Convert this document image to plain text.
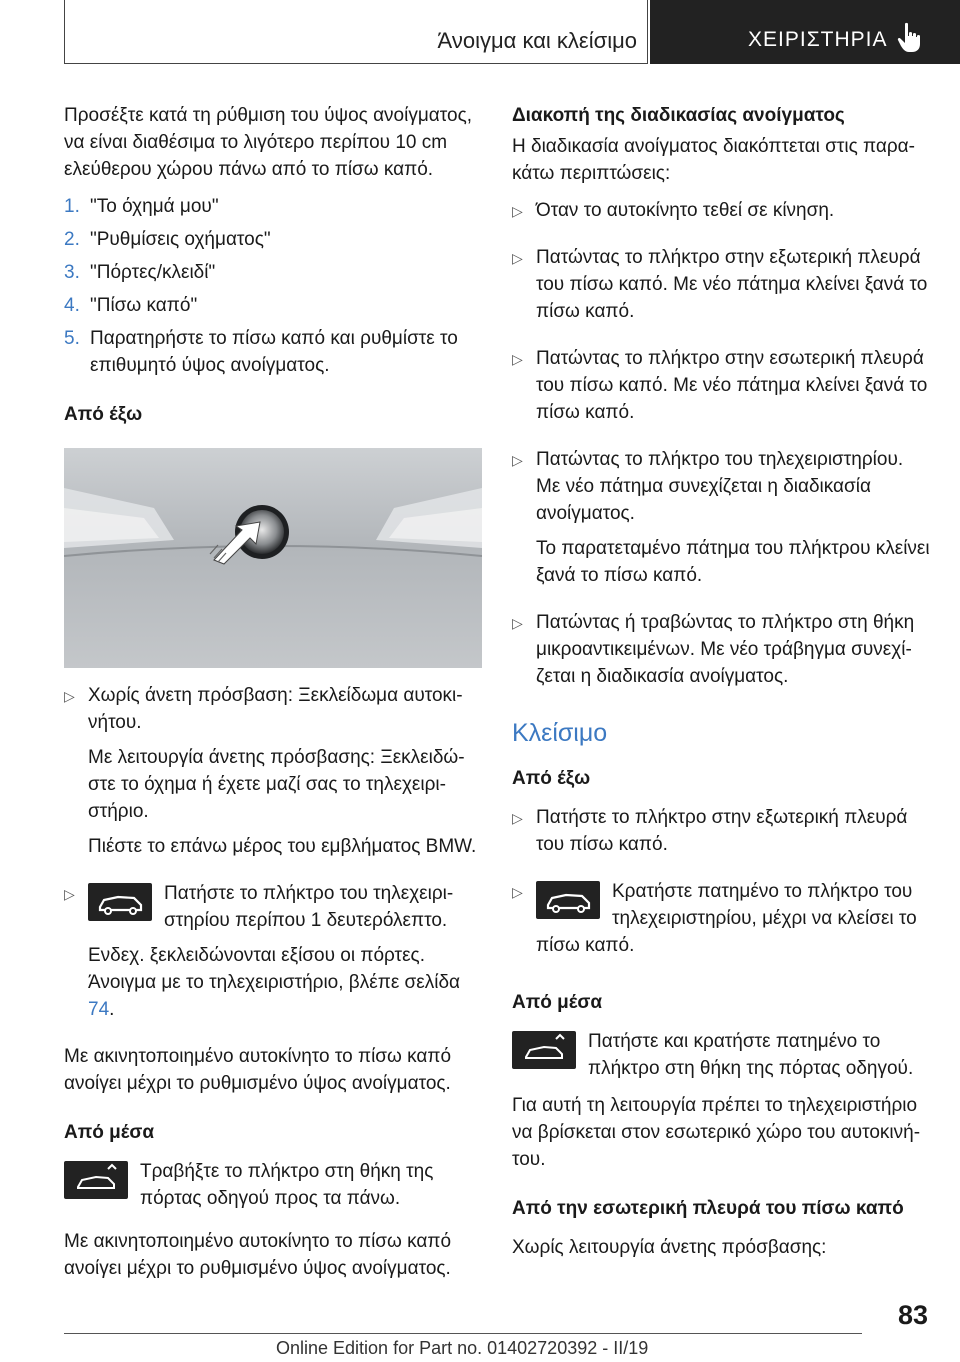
Άνοιγμα και κλείσιμο	ΧΕΙΡΙΣΤΗΡΙΑ

Προσέξτε κατά τη ρύθμιση του ύψος ανοίγματος, να είναι διαθέσιμα το λιγότερο περίπου 10 cm ελεύθερου χώρου πάνω από το πίσω καπό.

1. "Το όχημά μου"
2. "Ρυθμίσεις οχήματος"
3. "Πόρτες/κλειδί"
4. "Πίσω καπό"
5. Παρατηρήστε το πίσω καπό και ρυθμίστε το επιθυμητό ύψος ανοίγματος.
Από έξω
▷ Χωρίς άνετη πρόσβαση: Ξεκλείδωμα αυτοκινήτου.

Με λειτουργία άνετης πρόσβασης: Ξεκλειδώστε το όχημα ή έχετε μαζί σας το τηλεχειριστήριο.

Πιέστε το επάνω μέρος του εμβλήματος BMW.

▷	Πατήστε το πλήκτρο του τηλεχειριστηρίου περίπου 1 δευτερόλεπτο.

Ενδεχ. ξεκλειδώνονται εξίσου οι πόρτες. Άνοιγμα με το τηλεχειριστήριο, βλέπε σελίδα 74.

Με ακινητοποιημένο αυτοκίνητο το πίσω καπό ανοίγει μέχρι το ρυθμισμένο ύψος ανοίγματος.

Από μέσα

Τραβήξτε το πλήκτρο στη θήκη της πόρτας οδηγού προς τα πάνω.

Με ακινητοποιημένο αυτοκίνητο το πίσω καπό ανοίγει μέχρι το ρυθμισμένο ύψος ανοίγματος.

Διακοπή της διαδικασίας ανοίγματος

Η διαδικασία ανοίγματος διακόπτεται στις παρακάτω περιπτώσεις:

▷ Όταν το αυτοκίνητο τεθεί σε κίνηση.

▷ Πατώντας το πλήκτρο στην εξωτερική πλευρά του πίσω καπό. Με νέο πάτημα κλείνει ξανά το πίσω καπό.

▷ Πατώντας το πλήκτρο στην εσωτερική πλευρά του πίσω καπό. Με νέο πάτημα κλείνει ξανά το πίσω καπό.

▷ Πατώντας το πλήκτρο του τηλεχειριστηρίου. Με νέο πάτημα συνεχίζεται η διαδικασία ανοίγματος.

Το παρατεταμένο πάτημα του πλήκτρου κλείνει ξανά το πίσω καπό.

▷ Πατώντας ή τραβώντας το πλήκτρο στη θήκη μικροαντικειμένων. Με νέο τράβηγμα συνεχίζεται η διαδικασία ανοίγματος.

Κλείσιμο
Από έξω
▷ Πατήστε το πλήκτρο στην εξωτερική πλευρά του πίσω καπό.

▷	Κρατήστε πατημένο το πλήκτρο του τηλεχειριστηρίου, μέχρι να κλείσει το πίσω καπό.

Από μέσα

Πατήστε και κρατήστε πατημένο το πλήκτρο στη θήκη της πόρτας οδηγού.

Για αυτή τη λειτουργία πρέπει το τηλεχειριστήριο να βρίσκεται στον εσωτερικό χώρο του αυτοκινήτου.

Από την εσωτερική πλευρά του πίσω καπό

Χωρίς λειτουργία άνετης πρόσβασης:

83
Online Edition for Part no. 01402720392 - II/19
